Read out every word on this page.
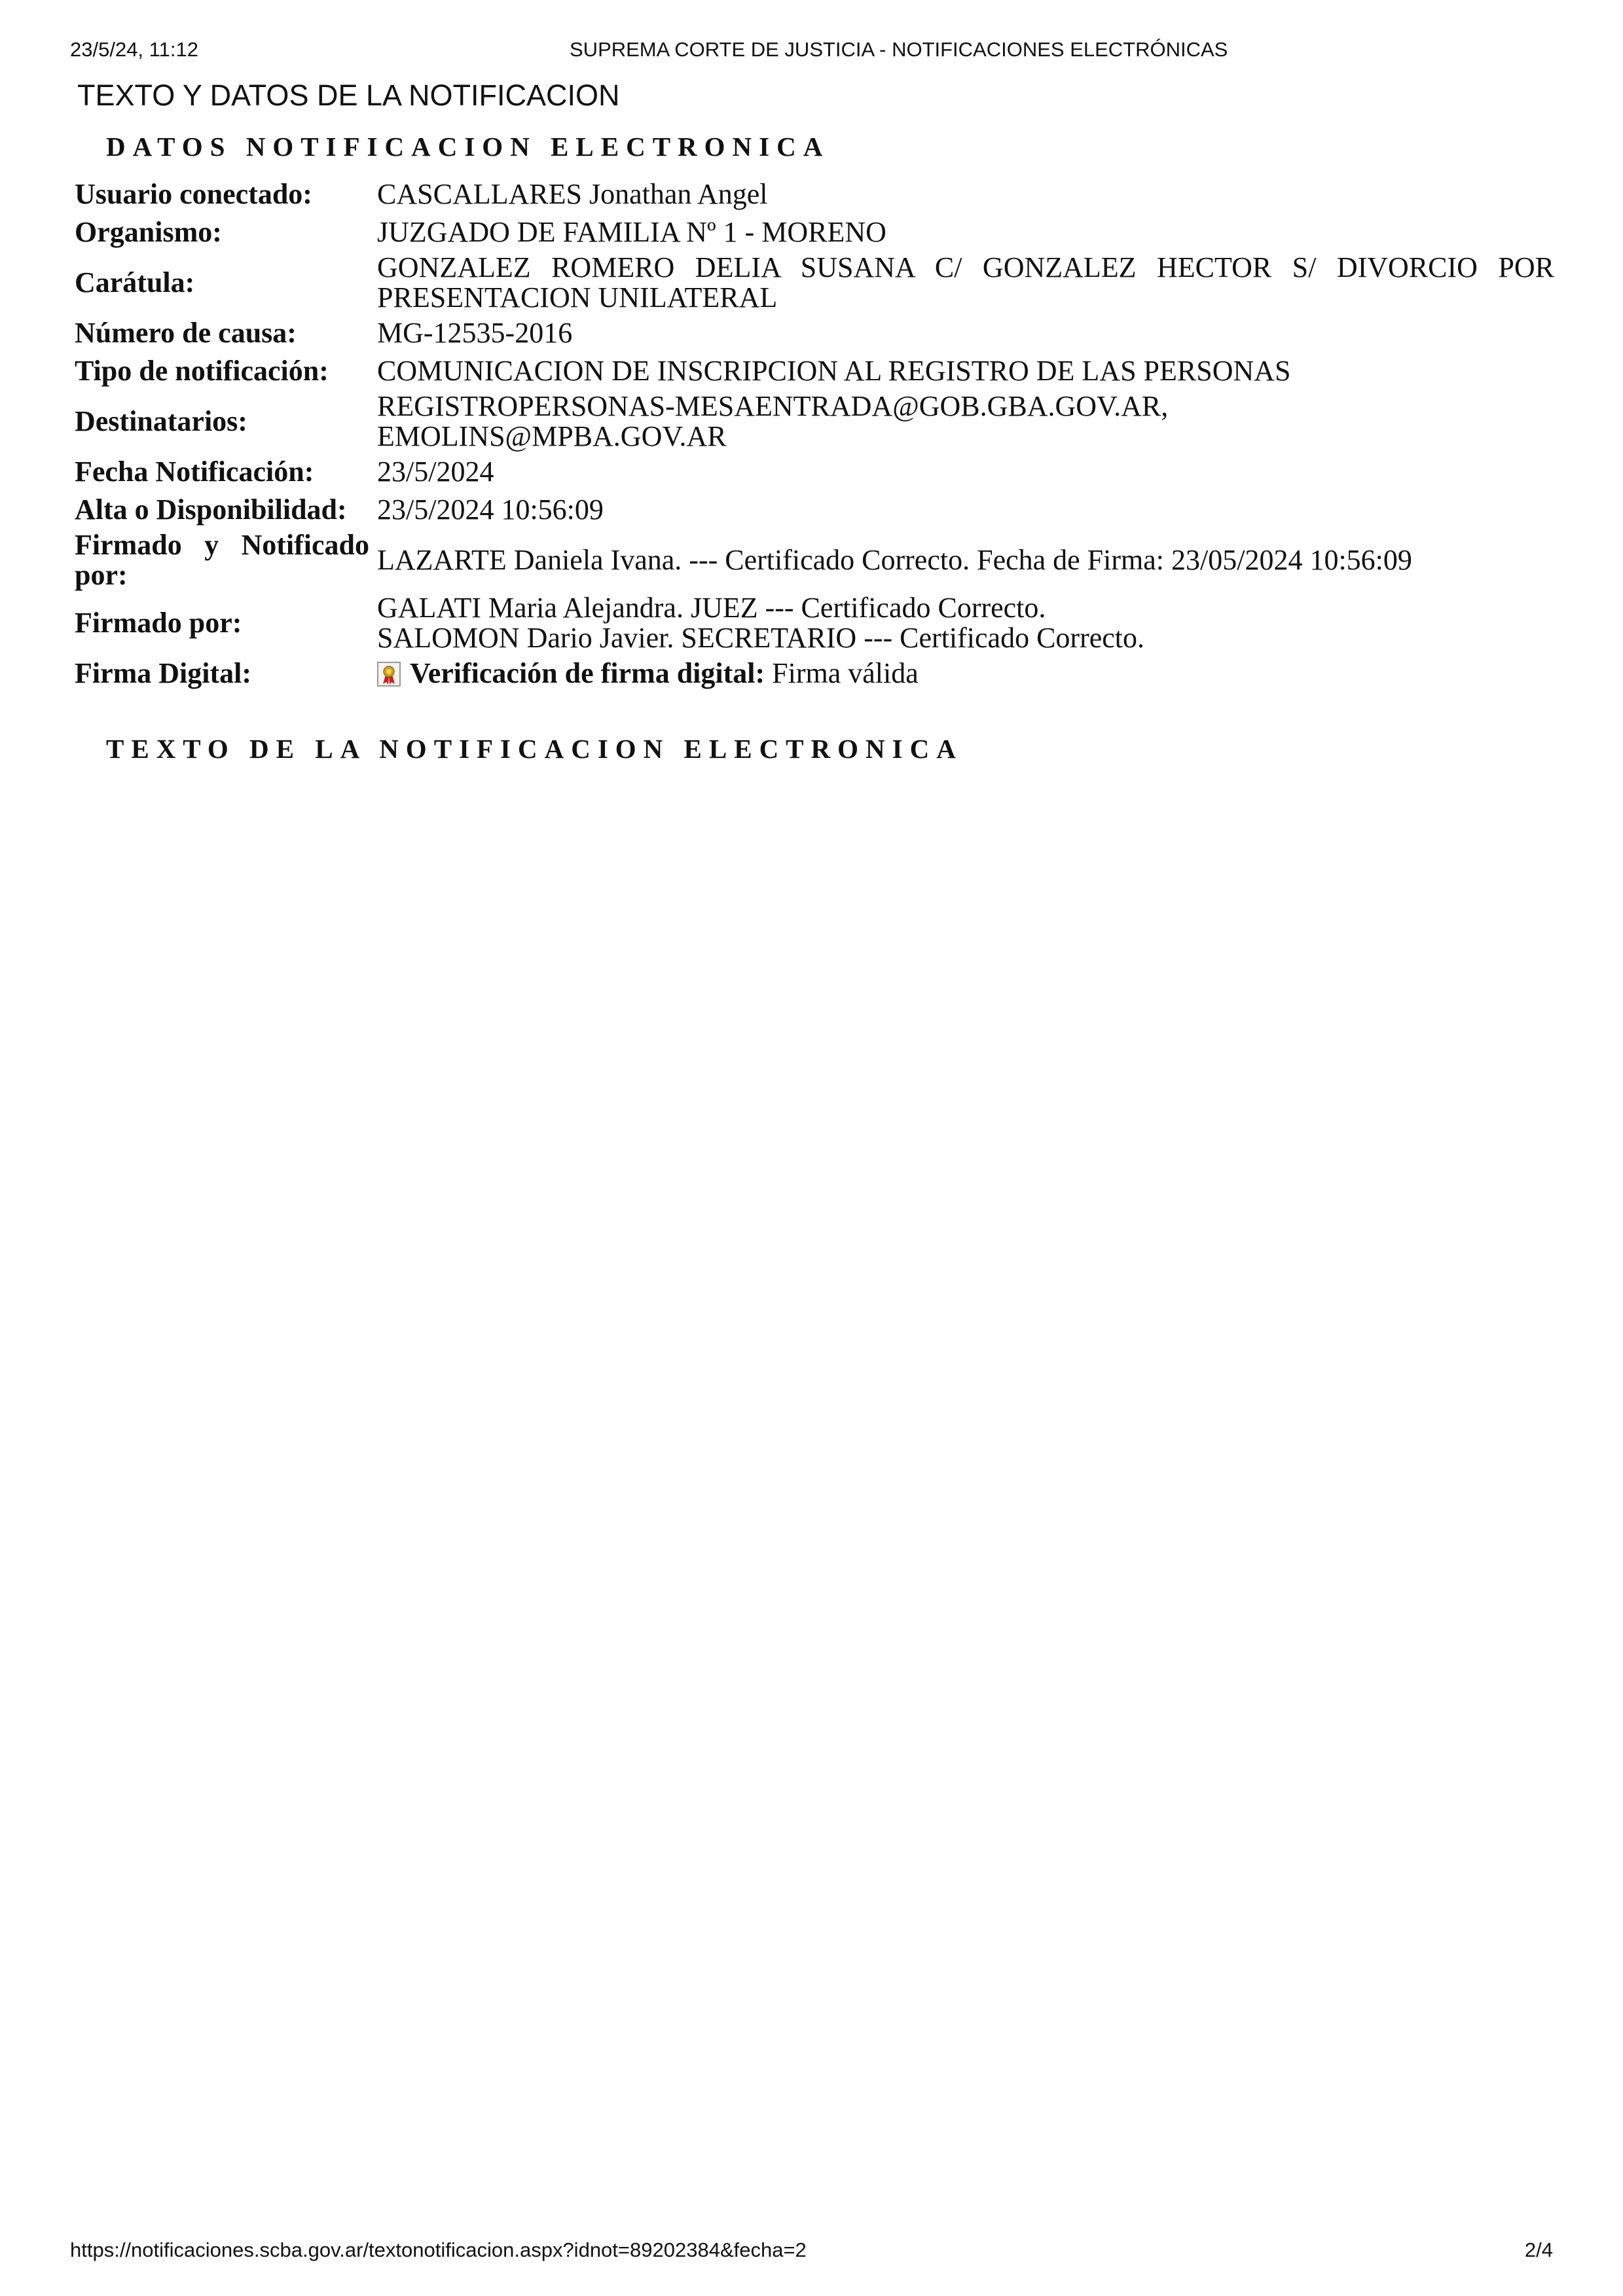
23/5/24, 11:12	SUPREMA CORTE DE JUSTICIA - NOTIFICACIONES ELECTRÓNICAS
TEXTO Y DATOS DE LA NOTIFICACION
DATOS NOTIFICACION ELECTRONICA
Usuario conectado:	CASCALLARES Jonathan Angel
Organismo:	JUZGADO DE FAMILIA Nº 1 - MORENO
Carátula:	GONZALEZ ROMERO DELIA SUSANA C/ GONZALEZ HECTOR S/ DIVORCIO POR PRESENTACION UNILATERAL
Número de causa:	MG-12535-2016
Tipo de notificación:	COMUNICACION DE INSCRIPCION AL REGISTRO DE LAS PERSONAS
Destinatarios:	REGISTROPERSONAS-MESAENTRADA@GOB.GBA.GOV.AR,
EMOLINS@MPBA.GOV.AR

Fecha Notificación:	23/5/2024
Alta o Disponibilidad:	23/5/2024 10:56:09
Firmado y Notificado por:	LAZARTE Daniela Ivana. --- Certificado Correcto. Fecha de Firma: 23/05/2024 10:56:09
Firmado por:	GALATI Maria Alejandra. JUEZ --- Certificado Correcto.
SALOMON Dario Javier. SECRETARIO --- Certificado Correcto.

Firma Digital:	Verificación de firma digital: Firma válida
TEXTO DE LA NOTIFICACION ELECTRONICA
https://notificaciones.scba.gov.ar/textonotificacion.aspx?idnot=89202384&fecha=2	2/4
